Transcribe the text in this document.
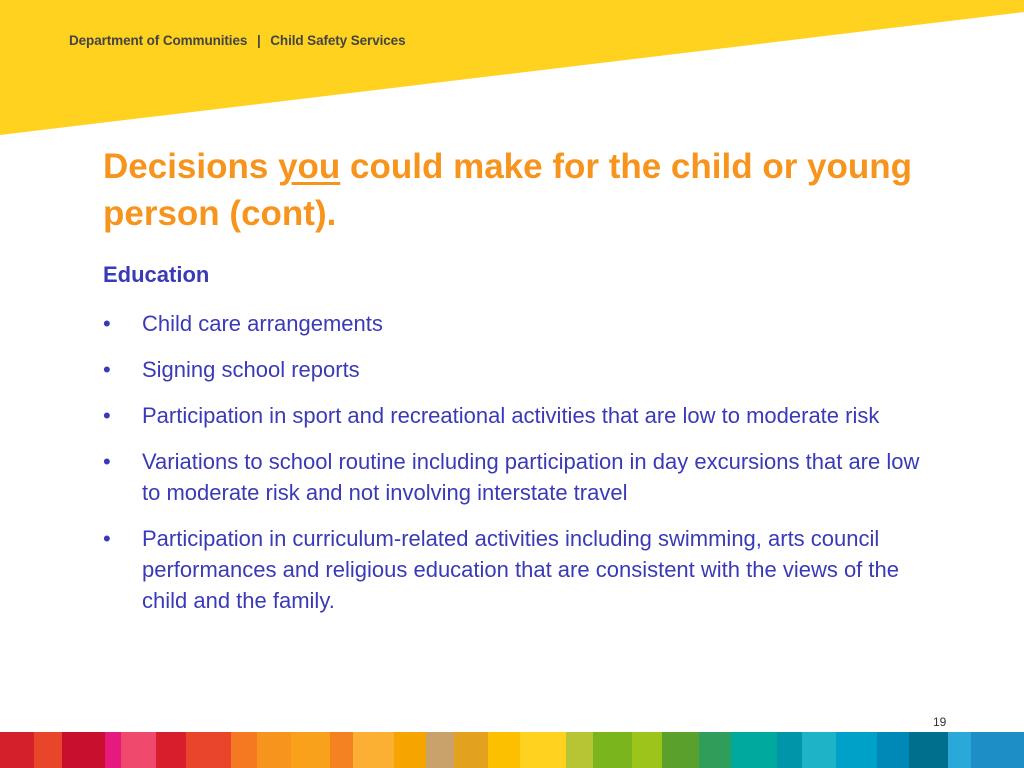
Department of Communities | Child Safety Services
Decisions you could make for the child or young person (cont).
Education
• Child care arrangements
• Signing school reports
• Participation in sport and recreational activities that are low to moderate risk
• Variations to school routine including participation in day excursions that are low to moderate risk and not involving interstate travel
• Participation in curriculum-related activities including swimming, arts council performances and religious education that are consistent with the views of the child and the family.
19
